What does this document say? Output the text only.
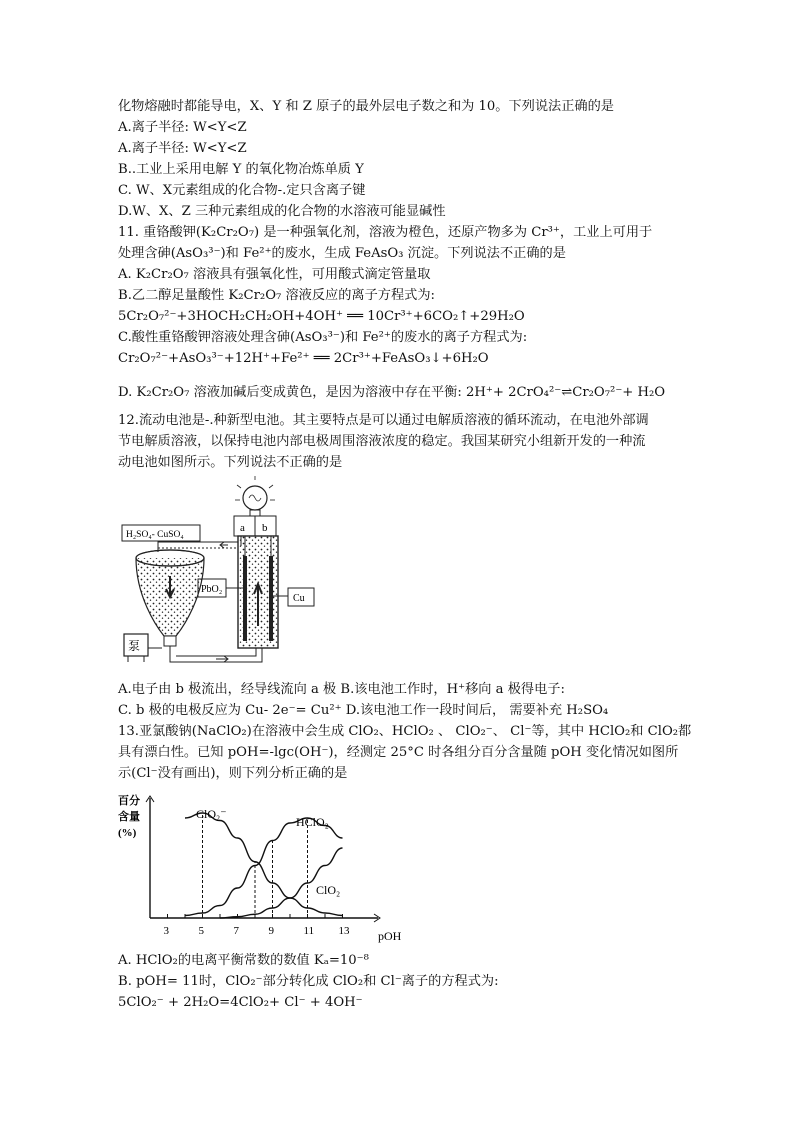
化物熔融时都能导电，X、Y 和 Z 原子的最外层电子数之和为 10。下列说法正确的是
A.离子半径: W<Y<Z
A.离子半径: W<Y<Z
B..工业上采用电解 Y 的氧化物冶炼单质 Y
C. W、X元素组成的化合物-.定只含离子键
D.W、X、Z 三种元素组成的化合物的水溶液可能显碱性
11. 重铬酸钾(K₂Cr₂O₇) 是一种强氧化剂，溶液为橙色，还原产物多为 Cr³⁺，工业上可用于
处理含砷(AsO₃³⁻)和 Fe²⁺的废水，生成 FeAsO₃ 沉淀。下列说法不正确的是
A. K₂Cr₂O₇ 溶液具有强氧化性，可用酸式滴定管量取
B.乙二醇足量酸性 K₂Cr₂O₇ 溶液反应的离子方程式为:
5Cr₂O₇²⁻+3HOCH₂CH₂OH+4OH⁺ ══ 10Cr³⁺+6CO₂↑+29H₂O
C.酸性重铬酸钾溶液处理含砷(AsO₃³⁻)和 Fe²⁺的废水的离子方程式为:
Cr₂O₇²⁻+AsO₃³⁻+12H⁺+Fe²⁺ ══ 2Cr³⁺+FeAsO₃↓+6H₂O
D. K₂Cr₂O₇ 溶液加碱后变成黄色，是因为溶液中存在平衡: 2H⁺+ 2CrO₄²⁻⇌Cr₂O₇²⁻+ H₂O
12.流动电池是-.种新型电池。其主要特点是可以通过电解质溶液的循环流动，在电池外部调
节电解质溶液，以保持电池内部电极周围溶液浓度的稳定。我国某研究小组新开发的一种流
动电池如图所示。下列说法不正确的是
a b
PbO₂
Cu
H₂SO₄- CuSO₄
泵
A.电子由 b 极流出，经导线流向 a 极 B.该电池工作时，H⁺移向 a 极得电子:
C. b 极的电极反应为 Cu- 2e⁻= Cu²⁺ D.该电池工作一段时间后， 需要补充 H₂SO₄
13.亚氯酸钠(NaClO₂)在溶液中会生成 ClO₂、HClO₂ 、 ClO₂⁻、 Cl⁻等，其中 HClO₂和 ClO₂都
具有漂白性。已知 pOH=-lgc(OH⁻)，经测定 25°C 时各组分百分含量随 pOH 变化情况如图所
示(Cl⁻没有画出)，则下列分析正确的是
百分
含量
(%)
pOH
3	5	7	9	11 13
ClO₂⁻
HClO₂
ClO₂
A. HClO₂的电离平衡常数的数值 Kₐ=10⁻⁸
B. pOH= 11时，ClO₂⁻部分转化成 ClO₂和 Cl⁻离子的方程式为:
5ClO₂⁻ + 2H₂O=4ClO₂+ Cl⁻ + 4OH⁻
